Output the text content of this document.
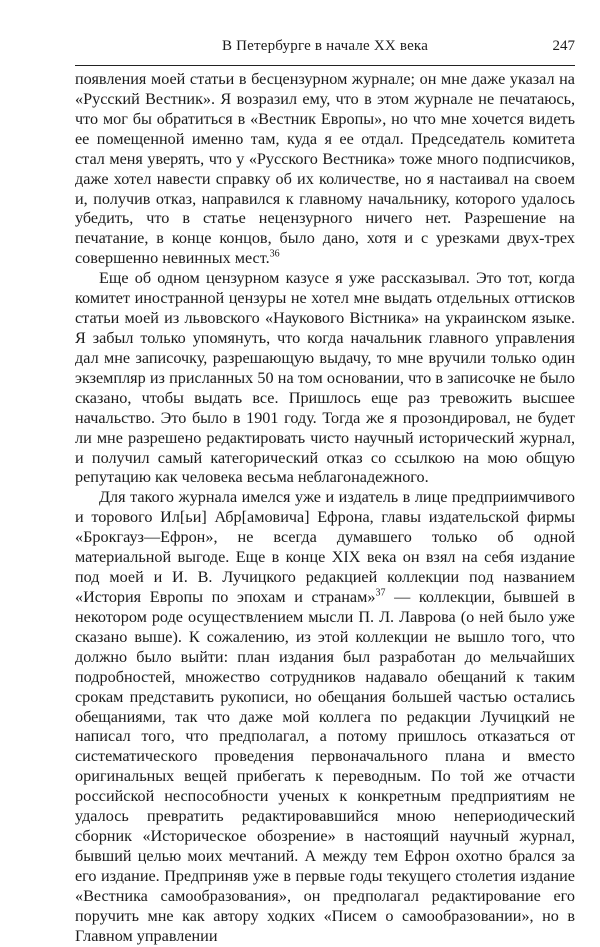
В Петербурге в начале XX века	247

появления моей статьи в бесцензурном журнале; он мне даже указал на «Русский Вестник». Я возразил ему, что в этом журнале не печатаюсь, что мог бы обратиться в «Вестник Европы», но что мне хочется видеть ее помещенной именно там, куда я ее отдал. Председатель комитета стал меня уверять, что у «Русского Вестника» тоже много подписчиков, даже хотел навести справку об их количестве, но я настаивал на своем и, получив отказ, направился к главному начальнику, которого удалось убедить, что в статье нецензурного ничего нет. Разрешение на печатание, в конце концов, было дано, хотя и с урезками двух-трех совершенно невинных мест.$^{36}$

Еще об одном цензурном казусе я уже рассказывал. Это тот, когда комитет иностранной цензуры не хотел мне выдать отдельных оттисков статьи моей из львовского «Наукового Вiстника» на украинском языке. Я забыл только упомянуть, что когда начальник главного управления дал мне записочку, разрешающую выдачу, то мне вручили только один экземпляр из присланных 50 на том основании, что в записочке не было сказано, чтобы выдать все. Пришлось еще раз тревожить высшее начальство. Это было в 1901 году. Тогда же я прозондировал, не будет ли мне разрешено редактировать чисто научный исторический журнал, и получил самый категорический отказ со ссылкою на мою общую репутацию как человека весьма неблагонадежного.

Для такого журнала имелся уже и издатель в лице предприимчивого и торового Ил[ьи] Абр[амовича] Ефрона, главы издательской фирмы «Брокгауз—Ефрон», не всегда думавшего только об одной материальной выгоде. Еще в конце XIX века он взял на себя издание под моей и И. В. Лучицкого редакцией коллекции под названием «История Европы по эпохам и странам»$^{37}$ — коллекции, бывшей в некотором роде осуществлением мысли П. Л. Лаврова (о ней было уже сказано выше). К сожалению, из этой коллекции не вышло того, что должно было выйти: план издания был разработан до мельчайших подробностей, множество сотрудников надавало обещаний к таким срокам представить рукописи, но обещания большей частью остались обещаниями, так что даже мой коллега по редакции Лучицкий не написал того, что предполагал, а потому пришлось отказаться от систематического проведения первоначального плана и вместо оригинальных вещей прибегать к переводным. По той же отчасти российской неспособности ученых к конкретным предприятиям не удалось превратить редактировавшийся мною непериодический сборник «Историческое обозрение» в настоящий научный журнал, бывший целью моих мечтаний. А между тем Ефрон охотно брался за его издание. Предприняв уже в первые годы текущего столетия издание «Вестника самообразования», он предполагал редактирование его поручить мне как автору ходких «Писем о самообразовании», но в Главном управлении
